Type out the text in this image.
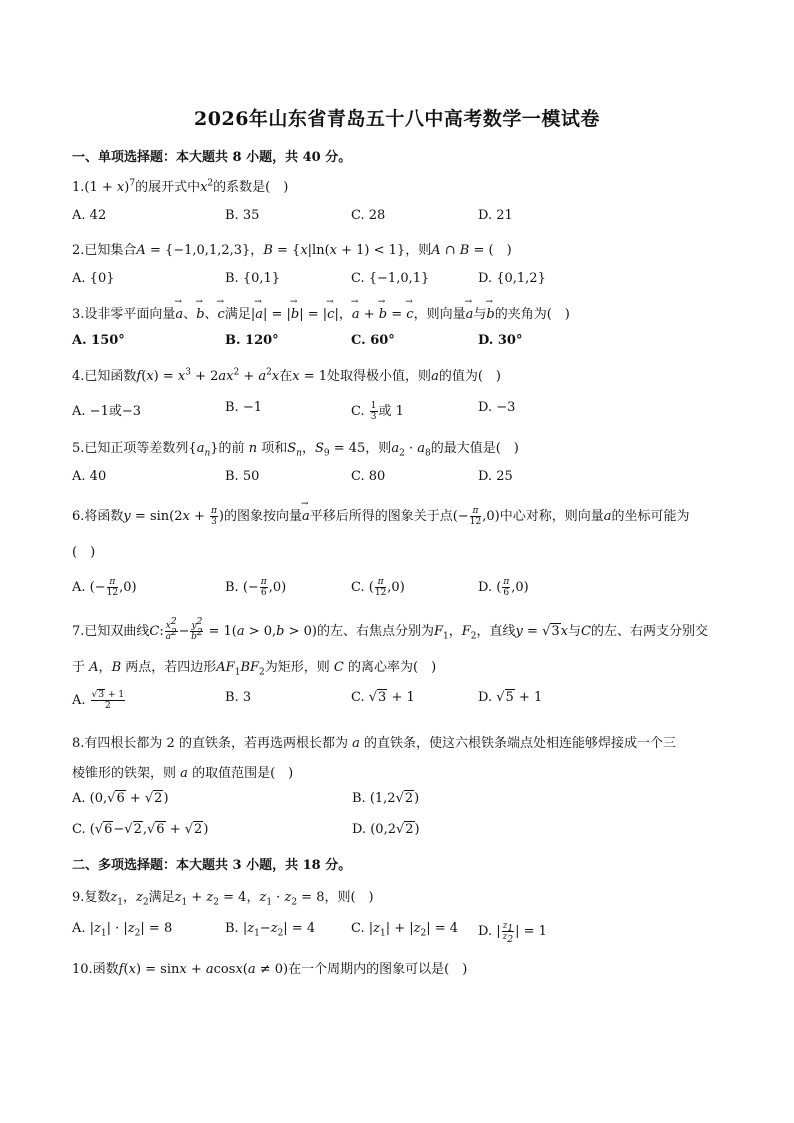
2026年山东省青岛五十八中高考数学一模试卷
一、单项选择题：本大题共 8 小题，共 40 分。
$1.(1 + x)^7$的展开式中$x^2$的系数是(　)
A. 42	B. 35	C. 28	D. 21
2.已知集合A = {−1,0,1,2,3}，B = {x|ln(x + 1) < 1}，则A ∩ B = (　)
A. {0}	B. {0,1}	C. {−1,0,1}	D. {0,1,2}
3.设非零平面向量→ a、→ b、→ c满足|→ a| = |→ b| = |→ c|，→ a + → b = → c，则向量→ a与→ b的夹角为(　)
A. 150°	B. 120°	C. 60°	D. 30°
4.已知函数$f(x) = x^3 + 2ax^2 + a^2x$在x = 1处取得极小值，则a的值为(　)
A. −1或−3	B. −1	C. $\frac{1}{3}$ 或 1	D. −3
5.已知正项等差数列$\{a_n\}$的前 n 项和$S_n$，$S_9 = 45$，则$a_2 \cdot a_8$的最大值是(　)
A. 40	B. 50	C. 80	D. 25
6.将函数$y = \sin(2x + \frac{\pi}{3}$ )的图象按向量→ a平移后所得的图象关于点(− $\frac{\pi}{12} ,0$)中心对称，则向量a的坐标可能为
(　)
A. (− $\frac{\pi}{12} ,0$)	B. (− $\frac{\pi}{6} ,0$)	C. ( $\frac{\pi}{12} ,0$)	D. ( $\frac{\pi}{6} ,0$)
7.已知双曲线C: $\frac{x^2}{a^2} - \frac{y^2}{b^2} = 1(a > 0,b > 0)$的左、右焦点分别为$F_1$，$F_2$，直线y = √3x与C的左、右两支分别交
于 A，B 两点，若四边形$AF_1BF_2$为矩形，则 C 的离心率为(　)
A. $\frac{√3 + 1}{2}$	B. 3	C. √3 + 1	D. √5 + 1
8.有四根长都为 2 的直铁条，若再选两根长都为 a 的直铁条，使这六根铁条端点处相连能够焊接成一个三
棱锥形的铁架，则 a 的取值范围是(　)
A. (0,√6 + √2)	B. (1,2√2)
C. (√6−√2,√6 + √2)	D. (0,2√2)
二、多项选择题：本大题共 3 小题，共 18 分。
9.复数$z_1$，$z_2$满足$z_1 + z_2 = 4$，$z_1 \cdot z_2 = 8$，则(　)
A. $|z_1| \cdot |z_2| = 8$	B. $|z_1-z_2| = 4$	C. $|z_1| + |z_2| = 4$ D. | $\frac{z_1}{z_2}$ | = 1
10.函数f(x) = sinx + acosx(a ≠ 0)在一个周期内的图象可以是(　)
